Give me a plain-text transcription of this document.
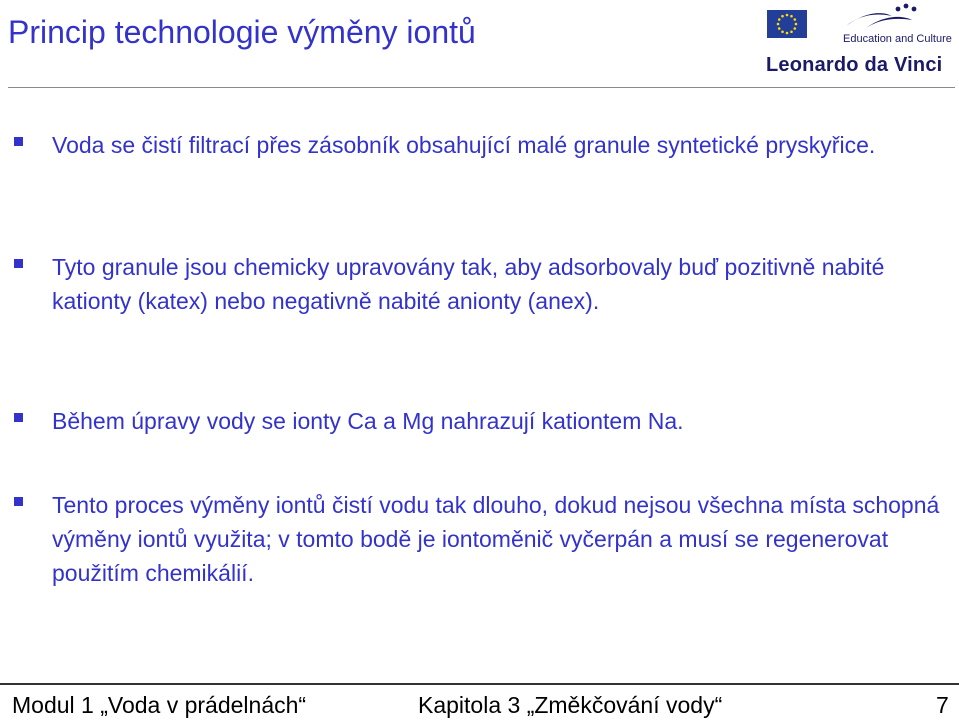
Princip technologie výměny iontů	Education and Culture
Leonardo da Vinci
Voda se čistí filtrací přes zásobník obsahující malé granule syntetické pryskyřice.
Tyto granule jsou chemicky upravovány tak, aby adsorbovaly buď pozitivně nabité kationty (katex) nebo negativně nabité anionty (anex).
Během úpravy vody se ionty Ca a Mg nahrazují kationtem Na.
Tento proces výměny iontů čistí vodu tak dlouho, dokud nejsou všechna místa schopná výměny iontů využita; v tomto bodě je iontoměnič vyčerpán a musí se regenerovat použitím chemikálií.
Modul 1 „Voda v prádelnách“	Kapitola 3 „Změkčování vody“	7
